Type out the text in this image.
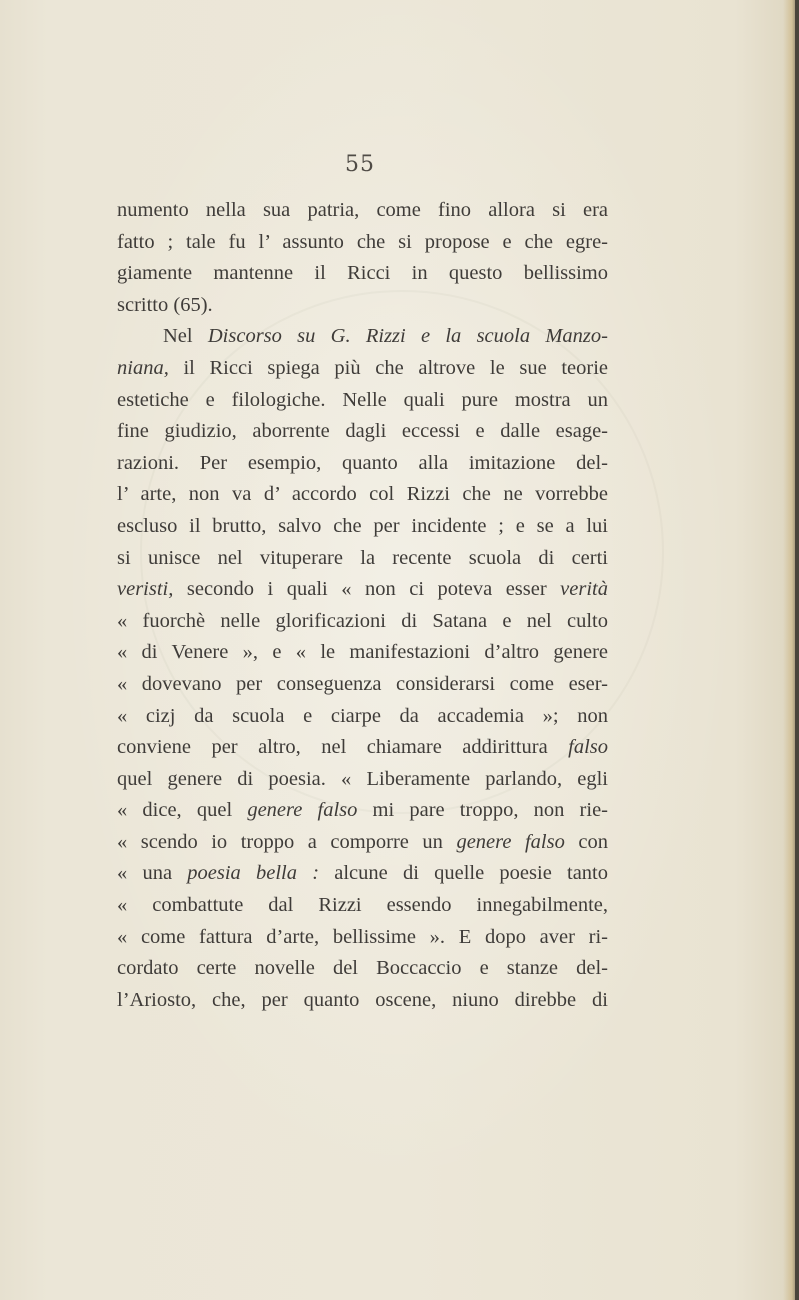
55
numento nella sua patria, come fino allora si era
fatto ; tale fu l’ assunto che si propose e che egre-
giamente mantenne il Ricci in questo bellissimo
scritto (65).
Nel Discorso su G. Rizzi e la scuola Manzo-
niana, il Ricci spiega più che altrove le sue teorie
estetiche e filologiche. Nelle quali pure mostra un
fine giudizio, aborrente dagli eccessi e dalle esage-
razioni. Per esempio, quanto alla imitazione del-
l’ arte, non va d’ accordo col Rizzi che ne vorrebbe
escluso il brutto, salvo che per incidente ; e se a lui
si unisce nel vituperare la recente scuola di certi
veristi, secondo i quali « non ci poteva esser verità
« fuorchè nelle glorificazioni di Satana e nel culto
« di Venere », e « le manifestazioni d’altro genere
« dovevano per conseguenza considerarsi come eser-
« cizj da scuola e ciarpe da accademia »; non
conviene per altro, nel chiamare addirittura falso
quel genere di poesia. « Liberamente parlando, egli
« dice, quel genere falso mi pare troppo, non rie-
« scendo io troppo a comporre un genere falso con
« una poesia bella : alcune di quelle poesie tanto
« combattute dal Rizzi essendo innegabilmente,
« come fattura d’arte, bellissime ». E dopo aver ri-
cordato certe novelle del Boccaccio e stanze del-
l’Ariosto, che, per quanto oscene, niuno direbbe di
